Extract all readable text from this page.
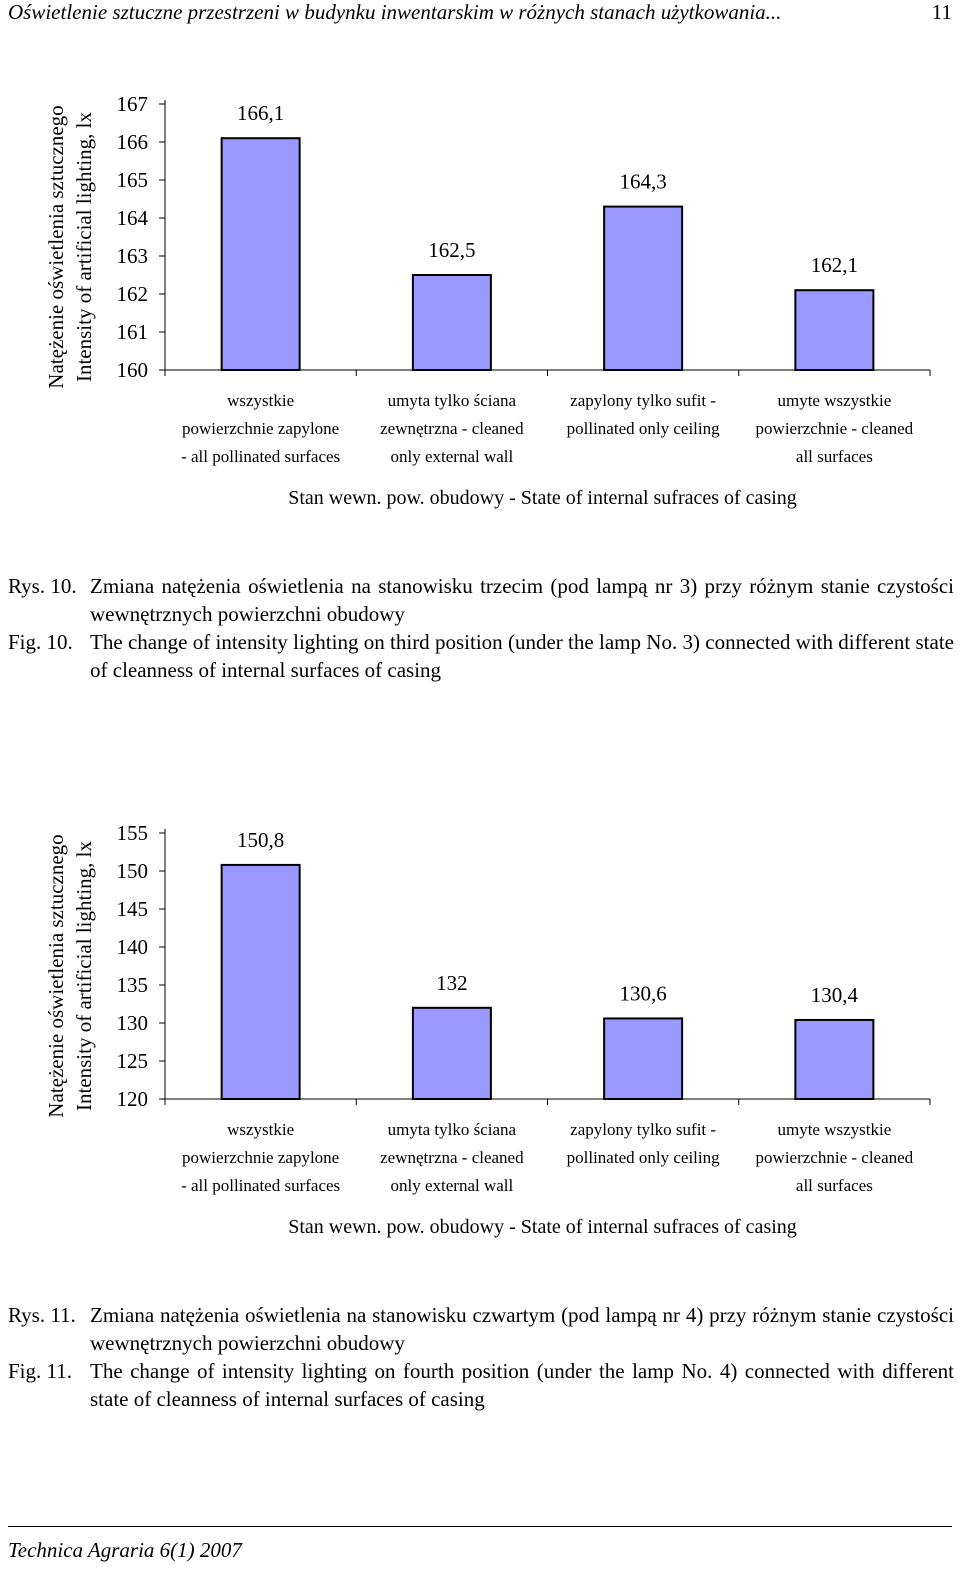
Oświetlenie sztuczne przestrzeni w budynku inwentarskim w różnych stanach użytkowania...	11
Natężenie oświetlenia sztucznego Intensity of artificial lighting, lx
167
166
165
164
163
162
161
160
166,1
wszystkie
powierzchnie zapylone
- all pollinated surfaces
162,5
umyta tylko ściana
zewnętrzna - cleaned
only external wall
164,3
zapylony tylko sufit -
pollinated only ceiling
162,1
umyte wszystkie
powierzchnie - cleaned
all surfaces
Stan wewn. pow. obudowy - State of internal sufraces of casing
Rys. 10. Zmiana natężenia oświetlenia na stanowisku trzecim (pod lampą nr 3) przy różnym stanie czystości wewnętrznych powierzchni obudowy
Fig. 10. The change of intensity lighting on third position (under the lamp No. 3) connected with different state of cleanness of internal surfaces of casing
Natężenie oświetlenia sztucznego Intensity of artificial lighting, lx
155
150
145
140
135
130
125
120
150,8
wszystkie
powierzchnie zapylone
- all pollinated surfaces
132
umyta tylko ściana
zewnętrzna - cleaned
only external wall
130,6
zapylony tylko sufit -
pollinated only ceiling
130,4
umyte wszystkie
powierzchnie - cleaned
all surfaces
Stan wewn. pow. obudowy - State of internal sufraces of casing
Rys. 11. Zmiana natężenia oświetlenia na stanowisku czwartym (pod lampą nr 4) przy różnym stanie czystości wewnętrznych powierzchni obudowy
Fig. 11. The change of intensity lighting on fourth position (under the lamp No. 4) connected with different state of cleanness of internal surfaces of casing
Technica Agraria 6(1) 2007
